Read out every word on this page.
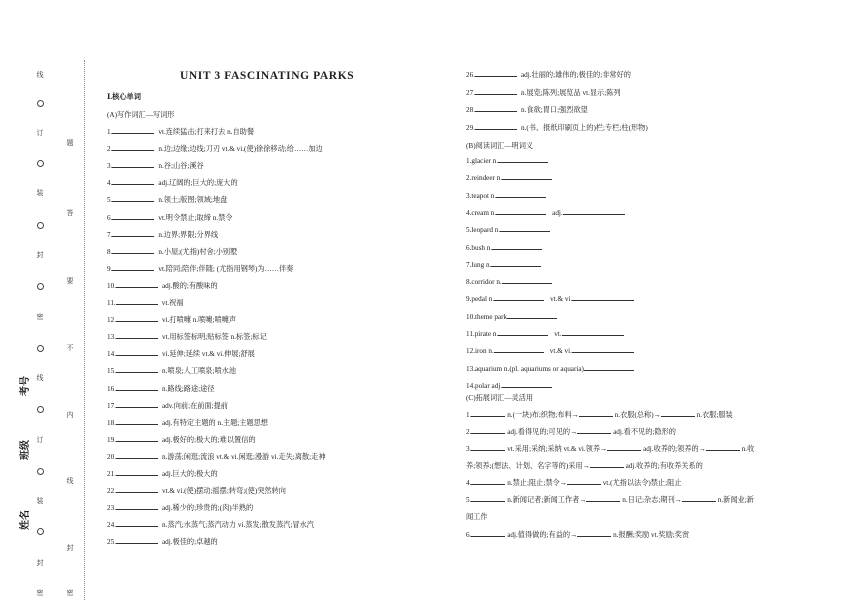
线
订
装
封
密
线
订
装
封
密
题
答
要
不
内
线
封
密
考号
班级
姓名
UNIT 3 FASCINATING PARKS
Ⅰ.核心单词
(A)写作词汇—写词形
1.	vt.连续猛击;打来打去 n.自助餐
2.	n.边;边缘;边线;刀刃 vt.& vi.(使)徐徐移动;给……加边
3.	n.谷;山谷;溪谷
4.	adj.辽阔的;巨大的;庞大的
5.	n.领土;版图;领域;地盘
6.	vt.明令禁止;取缔 n.禁令
7.	n.边界;界限;分界线
8.	n.小屋;(尤指)村舍;小别墅
9.	vt.陪同;陪伴;伴随; (尤指用钢琴)为……伴奏
10.	adj.酸的;有酸味的
11.	vt.祝福
12.	vi.打喷嚏 n.喷嚏;喷嚏声
13.	vt.用标签标明;贴标签 n.标签;标记
14.	vi.延伸;延续 vt.& vi.伸展;舒展
15.	n.喷泉;人工喷泉;喷水池
16.	n.路线;路途;途径
17.	adv.向前;在前面;提前
18.	adj.有特定主题的 n.主题;主题思想
19.	adj.极好的;极大的;难以置信的
20.	n.游荡;闲逛;流浪 vt.& vi.闲逛;漫游 vi.走失;离散;走神
21.	adj.巨大的;极大的
22.	vt.& vi.(使)摆动;摇摆;转弯;(使)突然转向
23.	adj.稀少的;珍贵的;(肉)半熟的
24.	n.蒸汽;水蒸气;蒸汽动力 vi.蒸发;散发蒸汽;冒水汽
25.	adj.极佳的;卓越的
26.	adj.壮丽的;雄伟的;极佳的;非常好的
27.	n.展览;陈列;展览品 vt.显示;陈列
28.	n.食欲;胃口;强烈欲望
29.	n.(书、报纸印刷页上的)栏;专栏;柱(形物)
(B)阅读词汇—明词义
1.glacier n.
2.reindeer n.
3.teapot n.
4.cream n.	adj.
5.leopard n.
6.bush n.
7.lung n.
8.corridor n.
9.pedal n.	vt.& vi.
10.theme park
11.pirate n.	vt.
12.iron n.	vt.& vi.
13.aquarium n.(pl. aquariums or aquaria)
14.polar adj.
(C)拓展词汇—灵活用
1.	n.(一块)布;织物;布料→	n.衣服(总称)→	n.衣服;服装
2.	adj.看得见的;可见的→	adj.看不见的;隐形的
3.	vt.采用;采纳;采纳 vt.& vi.领养→	adj.收养的;领养的→	n.收
养;领养;(想法、计划、名字等的)采用→	adj.收养的;有收养关系的
4.	n.禁止;阻止;禁令→	vt.(尤指以法令)禁止;阻止
5.	n.新闻记者;新闻工作者→	n.日记;杂志;期刊→	n.新闻业;新
闻工作
6.	adj.值得做的;有益的→	n.报酬;奖励 vt.奖励;奖赏
